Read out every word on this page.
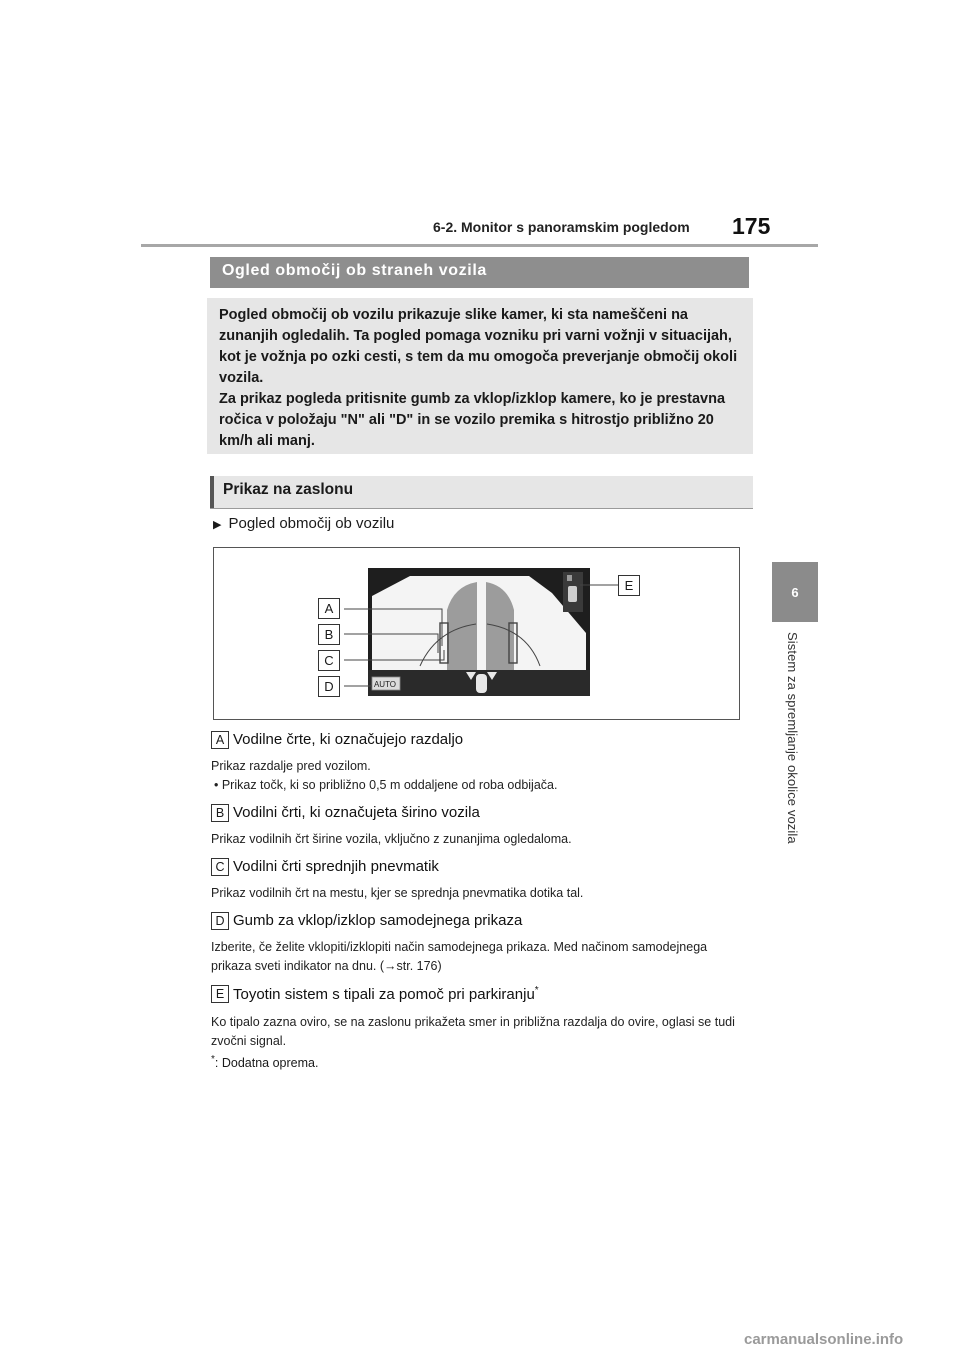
6-2. Monitor s panoramskim pogledom 175
6
Sistem za spremljanje okolice vozila
Ogled območij ob straneh vozila

Pogled območij ob vozilu prikazuje slike kamer, ki sta nameščeni na zunanjih ogledalih. Ta pogled pomaga vozniku pri varni vožnji v situacijah, kot je vožnja po ozki cesti, s tem da mu omogoča preverjanje območij okoli vozila.

Za prikaz pogleda pritisnite gumb za vklop/izklop kamere, ko je prestavna ročica v položaju "N" ali "D" in se vozilo premika s hitrostjo približno 20 km/h ali manj.

Prikaz na zaslonu
▶ Pogled območij ob vozilu
AUTO
A
B
C
D
E
A Vodilne črte, ki označujejo razdaljo
Prikaz razdalje pred vozilom.
• Prikaz točk, ki so približno 0,5 m oddaljene od roba odbijača.
B Vodilni črti, ki označujeta širino vozila
Prikaz vodilnih črt širine vozila, vključno z zunanjima ogledaloma.
C Vodilni črti sprednjih pnevmatik
Prikaz vodilnih črt na mestu, kjer se sprednja pnevmatika dotika tal.
D Gumb za vklop/izklop samodejnega prikaza
Izberite, če želite vklopiti/izklopiti način samodejnega prikaza. Med načinom samodejnega prikaza sveti indikator na dnu. (→str. 176)
E Toyotin sistem s tipali za pomoč pri parkiranju*
Ko tipalo zazna oviro, se na zaslonu prikažeta smer in približna razdalja do ovire, oglasi se tudi zvočni signal.
*: Dodatna oprema.
carmanualsonline.info
